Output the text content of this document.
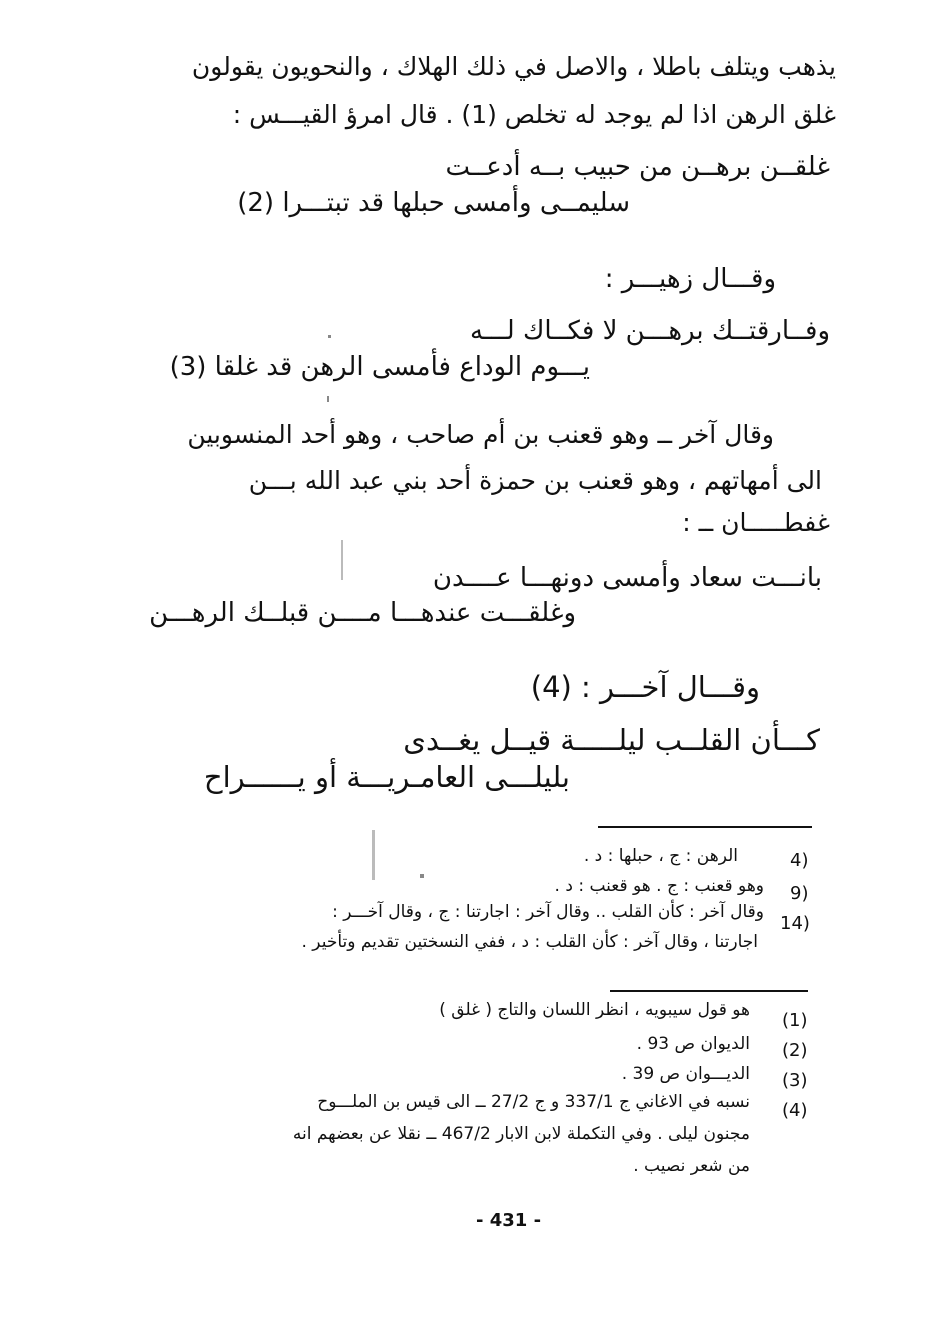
يذهب ويتلف باطلا ، والاصل في ذلك الهلاك ، والنحويون يقولون
غلق الرهن اذا لم يوجد له تخلص (1) . قال امرؤ القيـــس :
غلقــن برهــن من حبيب بــه أدعــت
سليمــى وأمسى حبلها قد تبتـــرا (2)
وقـــال زهيـــر :
وفــارقتــك برهـــن لا فكــاك لـــه
يـــوم الوداع فأمسى الرهن قد غلقا (3)
وقال آخر ــ وهو قعنب بن أم صاحب ، وهو أحد المنسوبين
الى أمهاتهم ، وهو قعنب بن حمزة أحد بني عبد الله بـــن
غفطـــــان ــ :
بانـــت سعاد وأمسى دونهـــا عــــدن
وغلقـــت عندهـــا مــــن قبلــك الرهـــن
وقـــال آخـــر : (4)
كـــأن القلــب ليلـــــة قيــل يغــدى
بليلـــى العامـريـــة أو يــــــراح
4)
الرهن : ج ، حبلها : د .
9)
وهو قعنب : ج . هو قعنب : د .
14)
وقال آخر : كأن القلب .. وقال آخر : اجارتنا : ج ، وقال آخـــر :
اجارتنا ، وقال آخر : كأن القلب : د ، ففي النسختين تقديم وتأخير .
(1)
هو قول سيبويه ، انظر اللسان والتاج ( غلق )
(2)
الديوان ص 93 .
(3)
الديـــوان ص 39 .
(4)
نسبه في الاغاني ج 337/1 و ج 27/2 ــ الى قيس بن الملـــوح
مجنون ليلى . وفي التكملة لابن الابار 467/2 ــ نقلا عن بعضهم انه
من شعر نصيب .
- 431 -
